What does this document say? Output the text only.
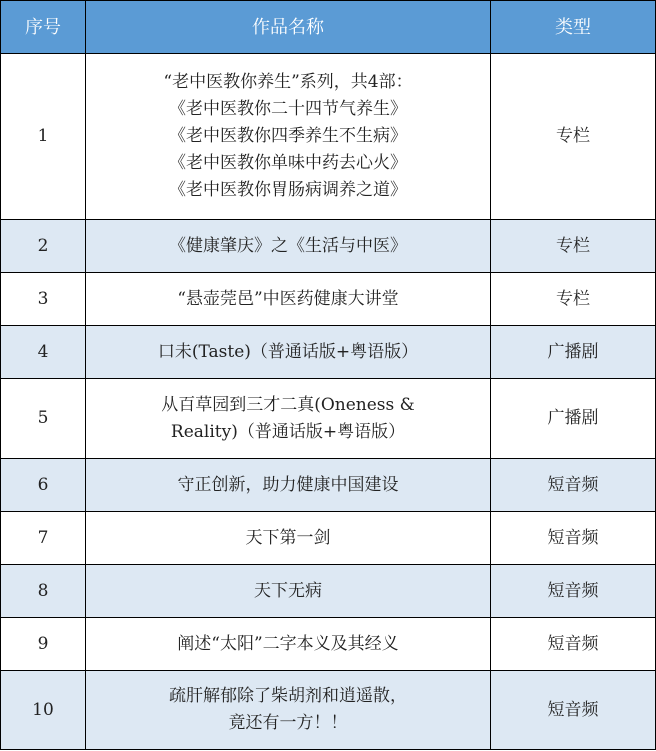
序号	作品名称	类型
1	“老中医教你养生”系列，共4部：
《老中医教你二十四节气养生》
《老中医教你四季养生不生病》
《老中医教你单味中药去心火》
《老中医教你胃肠病调养之道》	专栏
2	《健康肇庆》之《生活与中医》	专栏
3	“悬壶莞邑”中医药健康大讲堂	专栏
4	口未(Taste)（普通话版+粤语版）	广播剧
5	从百草园到三才二真(Oneness &
Reality)（普通话版+粤语版）	广播剧
6	守正创新，助力健康中国建设	短音频
7	天下第一剑	短音频
8	天下无病	短音频
9	阐述“太阳”二字本义及其经义	短音频
10	疏肝解郁除了柴胡剂和逍遥散，
竟还有一方！！	短音频
